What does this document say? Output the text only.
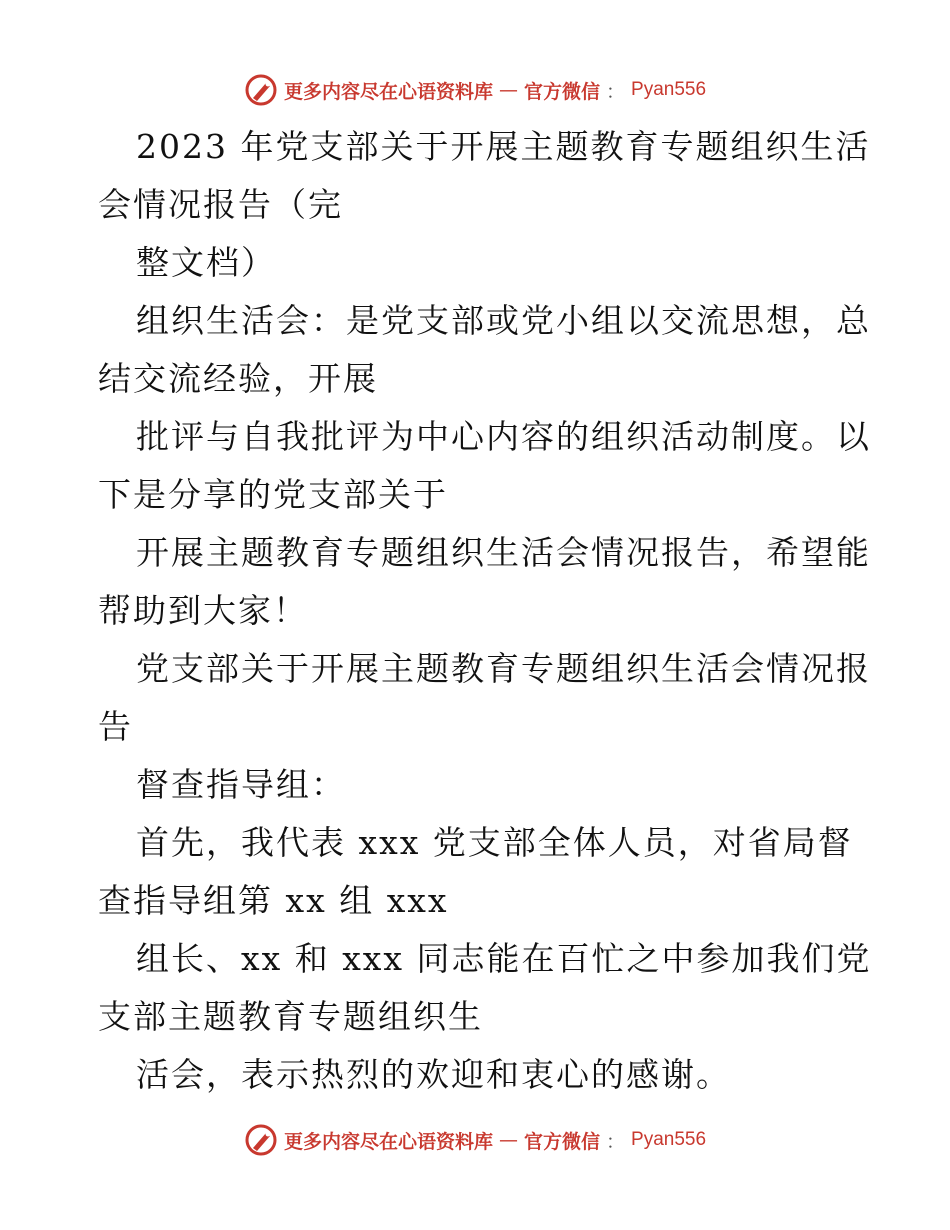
更多内容尽在心语资料库 — 官方微信 ： Pyan556
2023 年党支部关于开展主题教育专题组织生活
会情况报告（完
整文档）
组织生活会：是党支部或党小组以交流思想，总
结交流经验，开展
批评与自我批评为中心内容的组织活动制度。以
下是分享的党支部关于
开展主题教育专题组织生活会情况报告，希望能
帮助到大家！
党支部关于开展主题教育专题组织生活会情况报
告
督查指导组：
首先，我代表 xxx 党支部全体人员，对省局督
查指导组第 xx 组 xxx
组长、xx 和 xxx 同志能在百忙之中参加我们党
支部主题教育专题组织生
活会，表示热烈的欢迎和衷心的感谢。
更多内容尽在心语资料库 — 官方微信 ： Pyan556
